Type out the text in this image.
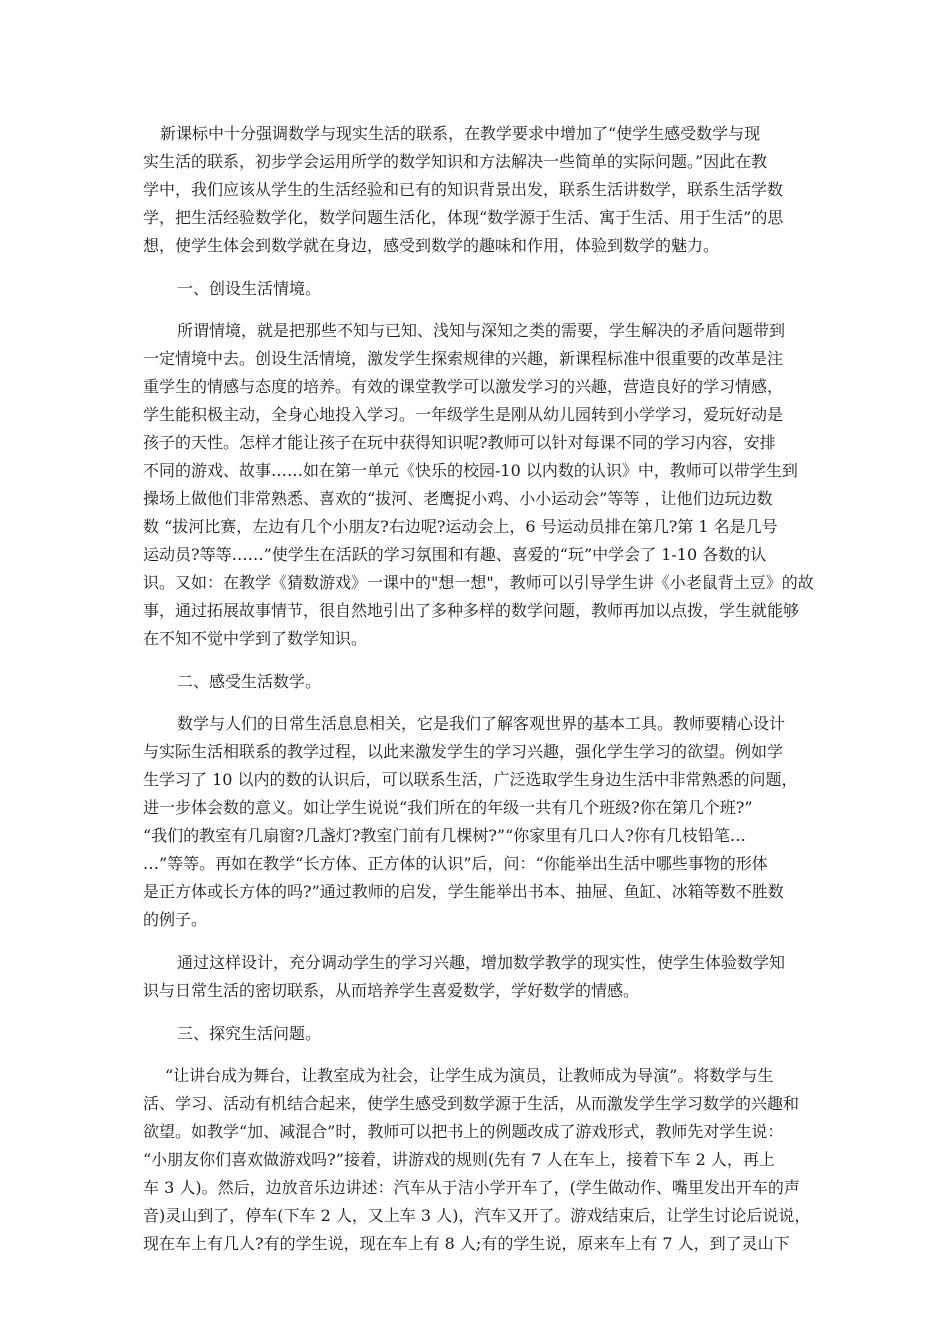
新课标中十分强调数学与现实生活的联系，在教学要求中增加了“使学生感受数学与现
实生活的联系，初步学会运用所学的数学知识和方法解决一些简单的实际问题。”因此在教
学中，我们应该从学生的生活经验和已有的知识背景出发，联系生活讲数学，联系生活学数
学，把生活经验数学化，数学问题生活化，体现“数学源于生活、寓于生活、用于生活”的思
想，使学生体会到数学就在身边，感受到数学的趣味和作用，体验到数学的魅力。
一、创设生活情境。
所谓情境，就是把那些不知与已知、浅知与深知之类的需要，学生解决的矛盾问题带到
一定情境中去。创设生活情境，激发学生探索规律的兴趣，新课程标准中很重要的改革是注
重学生的情感与态度的培养。有效的课堂教学可以激发学习的兴趣，营造良好的学习情感，
学生能积极主动，全身心地投入学习。一年级学生是刚从幼儿园转到小学学习，爱玩好动是
孩子的天性。怎样才能让孩子在玩中获得知识呢?教师可以针对每课不同的学习内容，安排
不同的游戏、故事……如在第一单元《快乐的校园-10 以内数的认识》中，教师可以带学生到
操场上做他们非常熟悉、喜欢的“拔河、老鹰捉小鸡、小小运动会”等等 ，让他们边玩边数
数 “拔河比赛，左边有几个小朋友?右边呢?运动会上，6 号运动员排在第几?第 1 名是几号
运动员?等等……”使学生在活跃的学习氛围和有趣、喜爱的“玩”中学会了 1-10 各数的认
识。又如：在教学《猜数游戏》一课中的"想一想"，教师可以引导学生讲《小老鼠背土豆》的故
事，通过拓展故事情节，很自然地引出了多种多样的数学问题，教师再加以点拨，学生就能够
在不知不觉中学到了数学知识。
二、感受生活数学。
数学与人们的日常生活息息相关，它是我们了解客观世界的基本工具。教师要精心设计
与实际生活相联系的教学过程，以此来激发学生的学习兴趣，强化学生学习的欲望。例如学
生学习了 10 以内的数的认识后，可以联系生活，广泛选取学生身边生活中非常熟悉的问题，
进一步体会数的意义。如让学生说说“我们所在的年级一共有几个班级?你在第几个班?”
“我们的教室有几扇窗?几盏灯?教室门前有几棵树?”“你家里有几口人?你有几枝铅笔…
…”等等。再如在教学“长方体、正方体的认识”后，问：“你能举出生活中哪些事物的形体
是正方体或长方体的吗?”通过教师的启发，学生能举出书本、抽屉、鱼缸、冰箱等数不胜数
的例子。
通过这样设计，充分调动学生的学习兴趣，增加数学教学的现实性，使学生体验数学知
识与日常生活的密切联系，从而培养学生喜爱数学，学好数学的情感。
三、探究生活问题。
“让讲台成为舞台，让教室成为社会，让学生成为演员，让教师成为导演”。将数学与生
活、学习、活动有机结合起来，使学生感受到数学源于生活，从而激发学生学习数学的兴趣和
欲望。如教学“加、减混合”时，教师可以把书上的例题改成了游戏形式，教师先对学生说：
“小朋友你们喜欢做游戏吗?”接着，讲游戏的规则(先有 7 人在车上，接着下车 2 人，再上
车 3 人)。然后，边放音乐边讲述：汽车从于洁小学开车了，(学生做动作、嘴里发出开车的声
音)灵山到了，停车(下车 2 人，又上车 3 人)，汽车又开了。游戏结束后，让学生讨论后说说，
现在车上有几人?有的学生说，现在车上有 8 人;有的学生说，原来车上有 7 人，到了灵山下
